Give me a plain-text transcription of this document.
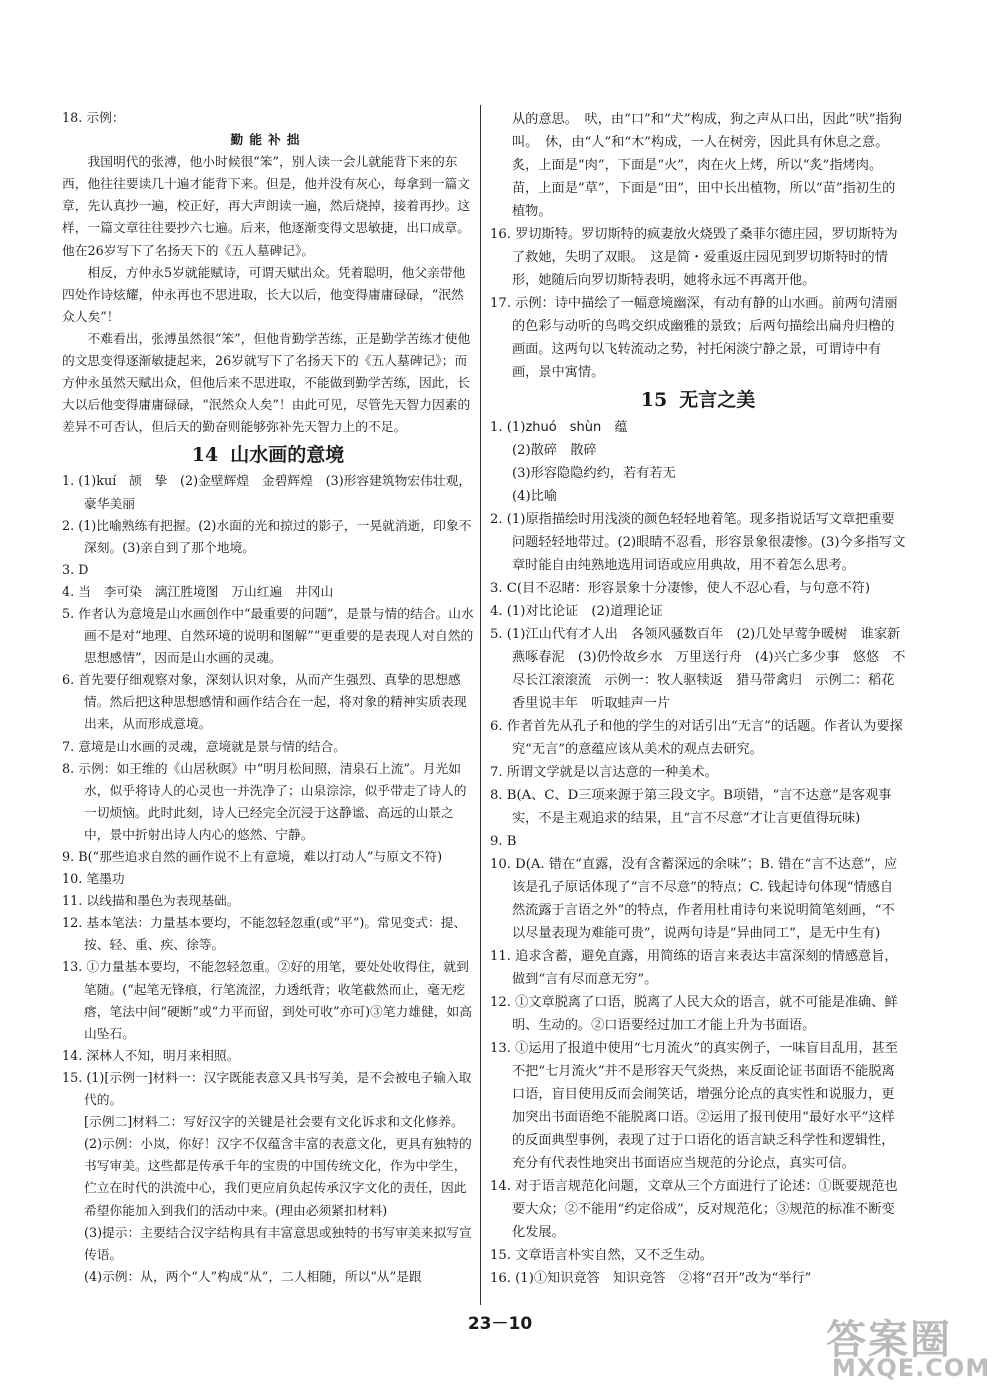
18. 示例：

勤能补拙

我国明代的张溥，他小时候很“笨”，别人读一会儿就能背下来的东西，他往往要读几十遍才能背下来。但是，他并没有灰心，每拿到一篇文章，先认真抄一遍，校正好，再大声朗读一遍，然后烧掉，接着再抄。这样，一篇文章往往要抄六七遍。后来，他逐渐变得文思敏捷，出口成章。他在26岁写下了名扬天下的《五人墓碑记》。

相反，方仲永5岁就能赋诗，可谓天赋出众。凭着聪明，他父亲带他四处作诗炫耀，仲永再也不思进取，长大以后，他变得庸庸碌碌，“泯然众人矣”！

不难看出，张溥虽然很“笨”，但他肯勤学苦练，正是勤学苦练才使他的文思变得逐渐敏捷起来，26岁就写下了名扬天下的《五人墓碑记》；而方仲永虽然天赋出众，但他后来不思进取，不能做到勤学苦练，因此，长大以后他变得庸庸碌碌，“泯然众人矣”！由此可见，尽管先天智力因素的差异不可否认，但后天的勤奋则能够弥补先天智力上的不足。

14 山水画的意境

1. (1)kuí　颉　挚　(2)金壁辉煌　金碧辉煌　(3)形容建筑物宏伟壮观，豪华美丽

2. (1)比喻熟练有把握。(2)水面的光和掠过的影子，一晃就消逝，印象不深刻。(3)亲自到了那个地境。

3. D

4. 当　李可染　漓江胜境图　万山红遍　井冈山

5. 作者认为意境是山水画创作中“最重要的问题”，是景与情的结合。山水画不是对“地理、自然环境的说明和图解”“更重要的是表现人对自然的思想感情”，因而是山水画的灵魂。

6. 首先要仔细观察对象，深刻认识对象，从而产生强烈、真挚的思想感情。然后把这种思想感情和画作结合在一起，将对象的精神实质表现出来，从而形成意境。

7. 意境是山水画的灵魂，意境就是景与情的结合。

8. 示例：如王维的《山居秋暝》中“明月松间照，清泉石上流”。月光如水，似乎将诗人的心灵也一并洗净了；山泉淙淙，似乎带走了诗人的一切烦恼。此时此刻，诗人已经完全沉浸于这静谧、高远的山景之中，景中折射出诗人内心的悠然、宁静。

9. B(“那些追求自然的画作说不上有意境，难以打动人”与原文不符)

10. 笔墨功

11. 以线描和墨色为表现基础。

12. 基本笔法：力量基本要均，不能忽轻忽重(或“平”)。常见变式：提、按、轻、重、疾、徐等。

13. ①力量基本要均，不能忽轻忽重。②好的用笔，要处处收得住，就到笔随。(“起笔无锋痕，行笔流涩，力透纸背；收笔截然而止，毫无疙瘩，笔法中间“硬断”或“力平而留，到处可收”亦可)③笔力雄健，如高山坠石。

14. 深林人不知，明月来相照。

15. (1)[示例一]材料一：汉字既能表意又具书写美，是不会被电子输入取代的。

[示例二]材料二：写好汉字的关键是社会要有文化诉求和文化修养。

(2)示例：小岚，你好！汉字不仅蕴含丰富的表意文化，更具有独特的书写审美。这些都是传承千年的宝贵的中国传统文化，作为中学生，伫立在时代的洪流中心，我们更应肩负起传承汉字文化的责任，因此希望你能加入到我们的活动中来。(理由必须紧扣材料)

(3)提示：主要结合汉字结构具有丰富意思或独特的书写审美来拟写宣传语。

(4)示例：从，两个“人”构成“从”，二人相随，所以“从”是跟

从的意思。　吠，由“口”和“犬”构成，狗之声从口出，因此“吠”指狗叫。　休，由“人”和“木”构成，一人在树旁，因此具有休息之意。　炙，上面是“肉”，下面是“火”，肉在火上烤，所以“炙”指烤肉。　苗，上面是“草”，下面是“田”，田中长出植物，所以“苗”指初生的植物。

16. 罗切斯特。罗切斯特的疯妻放火烧毁了桑菲尔德庄园，罗切斯特为了救她，失明了双眼。　这是简・爱重返庄园见到罗切斯特时的情形，她随后向罗切斯特表明，她将永远不再离开他。

17. 示例：诗中描绘了一幅意境幽深，有动有静的山水画。前两句清丽的色彩与动听的鸟鸣交织成幽雅的景致；后两句描绘出扁舟归橹的画面。这两句以飞转流动之势，衬托闲淡宁静之景，可谓诗中有画，景中寓情。

15 无言之美

1. (1)zhuó　shùn　 蕴

(2)散碎　散碎

(3)形容隐隐约约，若有若无

(4)比喻

2. (1)原指描绘时用浅淡的颜色轻轻地着笔。现多指说话写文章把重要问题轻轻地带过。(2)眼睛不忍看，形容景象很凄惨。(3)今多指写文章时能自由纯熟地选用词语或应用典故，用不着怎么思考。

3. C(目不忍睹：形容景象十分凄惨，使人不忍心看，与句意不符)

4. (1)对比论证　(2)道理论证

5. (1)江山代有才人出　各领风骚数百年　(2)几处早莺争暖树　谁家新燕啄春泥　(3)仍怜故乡水　万里送行舟　(4)兴亡多少事　悠悠　不尽长江滚滚流　示例一：牧人驱犊返　猎马带禽归　示例二：稻花香里说丰年　听取蛙声一片

6. 作者首先从孔子和他的学生的对话引出“无言”的话题。作者认为要探究“无言”的意蕴应该从美术的观点去研究。

7. 所谓文学就是以言达意的一种美术。

8. B(A、C、D三项来源于第三段文字。B项错，“言不达意”是客观事实，不是主观追求的结果，且“言不尽意”才让言更值得玩味)

9. B

10. D(A. 错在“直露，没有含蓄深远的余味”；B. 错在“言不达意”，应该是孔子原话体现了“言不尽意”的特点；C. 钱起诗句体现“情感自然流露于言语之外”的特点，作者用杜甫诗句来说明简笔刻画，“不以尽量表现为难能可贵”，说两句诗是“异曲同工”，是无中生有)

11. 追求含蓄，避免直露，用简练的语言来表达丰富深刻的情感意旨，做到“言有尽而意无穷”。

12. ①文章脱离了口语，脱离了人民大众的语言，就不可能是准确、鲜明、生动的。②口语要经过加工才能上升为书面语。

13. ①运用了报道中使用“七月流火”的真实例子，一味盲目乱用，甚至不把“七月流火”并不是形容天气炎热，来反面论证书面语不能脱离口语，盲目使用反而会闹笑话，增强分论点的真实性和说服力，更加突出书面语绝不能脱离口语。②运用了报刊使用“最好水平”这样的反面典型事例，表现了过于口语化的语言缺乏科学性和逻辑性，充分有代表性地突出书面语应当规范的分论点，真实可信。

14. 对于语言规范化问题，文章从三个方面进行了论述：①既要规范也要大众；②不能用“约定俗成”，反对规范化；③规范的标准不断变化发展。

15. 文章语言朴实自然，又不乏生动。

16. (1)①知识竟答　知识竞答　②将“召开”改为“举行”

23－10	答案圈
MXQE.COM
